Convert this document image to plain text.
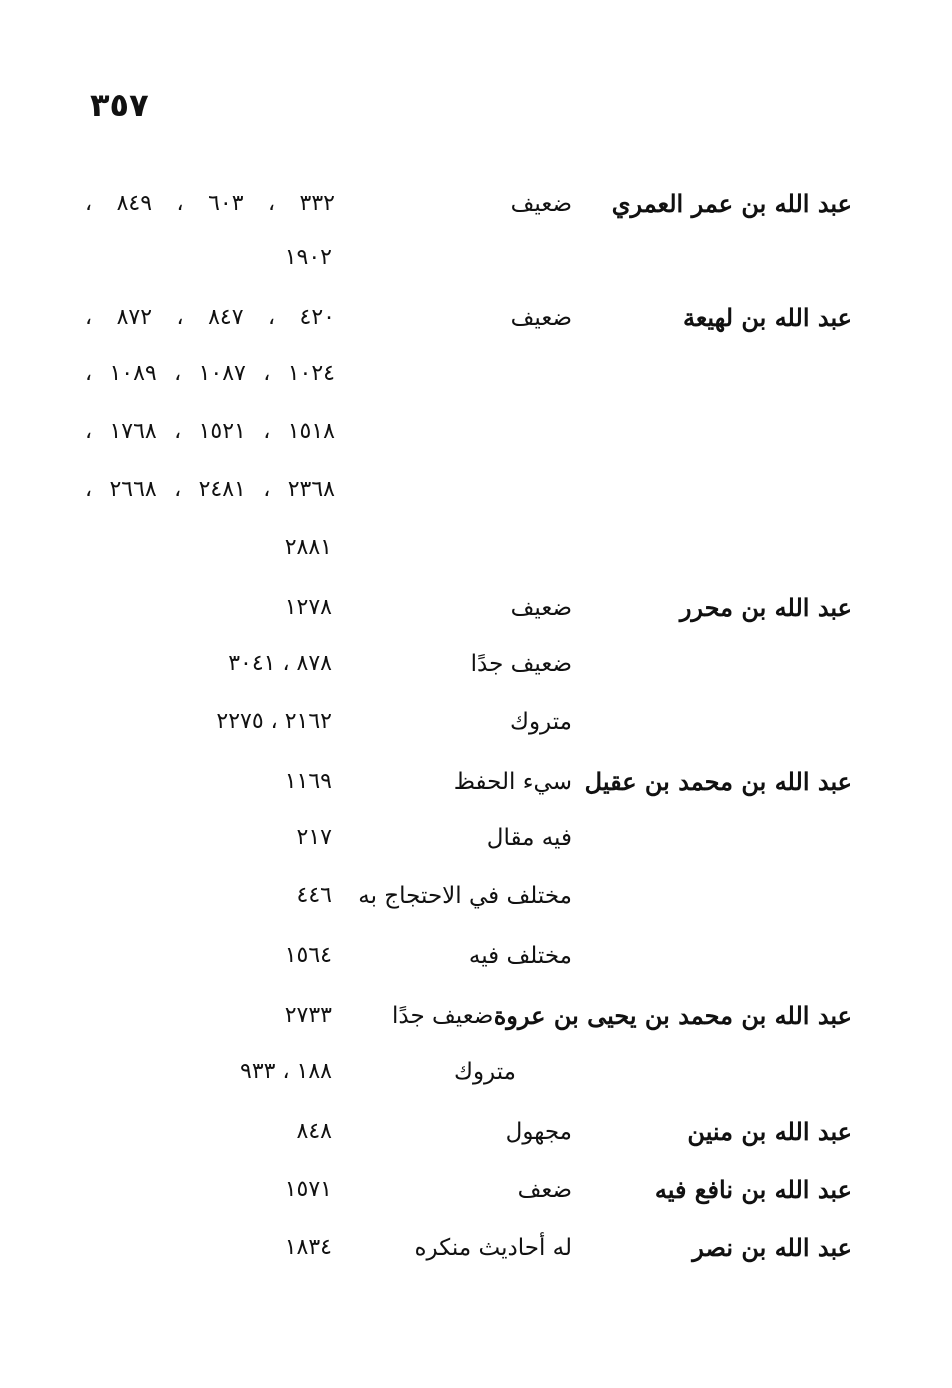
٣٥٧
عبد الله بن عمر العمري
ضعيف
٣٣٢ ، ٦٠٣ ، ٨٤٩ ،
١٩٠٢
عبد الله بن لهيعة
ضعيف
٤٢٠ ، ٨٤٧ ، ٨٧٢ ،
١٠٢٤ ، ١٠٨٧ ، ١٠٨٩ ،
١٥١٨ ، ١٥٢١ ، ١٧٦٨ ،
٢٣٦٨ ، ٢٤٨١ ، ٢٦٦٨ ،
٢٨٨١
عبد الله بن محرر
ضعيف
١٢٧٨
ضعيف جدًا
٨٧٨ ، ٣٠٤١
متروك
٢١٦٢ ، ٢٢٧٥
عبد الله بن محمد بن عقيل
سيء الحفظ
١١٦٩
فيه مقال
٢١٧
مختلف في الاحتجاج به
٤٤٦
مختلف فيه
١٥٦٤
عبد الله بن محمد بن يحيى بن عروة
ضعيف جدًا
٢٧٣٣
متروك
١٨٨ ، ٩٣٣
عبد الله بن منين
مجهول
٨٤٨
عبد الله بن نافع فيه
ضعف
١٥٧١
عبد الله بن نصر
له أحاديث منكره
١٨٣٤
